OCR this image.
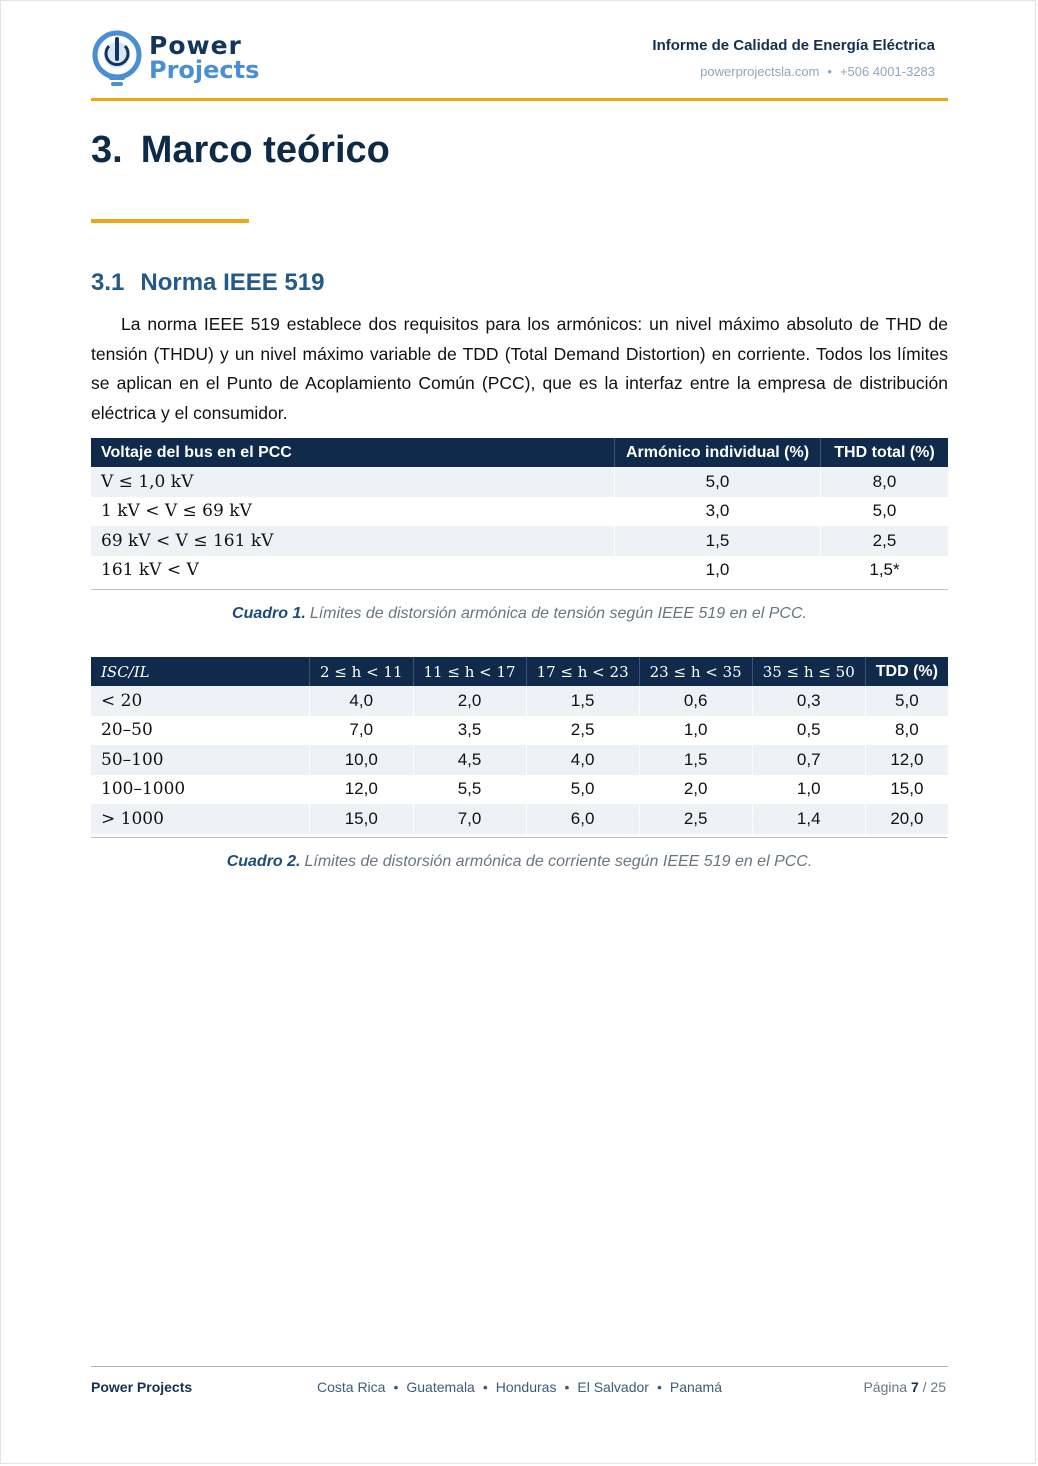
Power
Projects
Informe de Calidad de Energía Eléctrica
powerprojectsla.com • +506 4001-3283
3. Marco teórico
3.1 Norma IEEE 519

La norma IEEE 519 establece dos requisitos para los armónicos: un nivel máximo absoluto de THD de tensión (THDU) y un nivel máximo variable de TDD (Total Demand Distortion) en corriente. Todos los límites se aplican en el Punto de Acoplamiento Común (PCC), que es la interfaz entre la empresa de distribución eléctrica y el consumidor.

Voltaje del bus en el PCC	Armónico individual (%)	THD total (%)
V ≤ 1,0 kV	5,0	8,0
1 kV < V ≤ 69 kV	3,0	5,0
69 kV < V ≤ 161 kV	1,5	2,5
161 kV < V	1,0	1,5*
Cuadro 1. Límites de distorsión armónica de tensión según IEEE 519 en el PCC.
ISC/IL	2 ≤ h < 11	11 ≤ h < 17	17 ≤ h < 23	23 ≤ h < 35	35 ≤ h ≤ 50	TDD (%)
< 20	4,0	2,0	1,5	0,6	0,3	5,0
20–50	7,0	3,5	2,5	1,0	0,5	8,0
50–100	10,0	4,5	4,0	1,5	0,7	12,0
100–1000	12,0	5,5	5,0	2,0	1,0	15,0
> 1000	15,0	7,0	6,0	2,5	1,4	20,0
Cuadro 2. Límites de distorsión armónica de corriente según IEEE 519 en el PCC.
Costa Rica • Guatemala • Honduras • El Salvador • Panamá
Power Projects	Página 7 / 25
